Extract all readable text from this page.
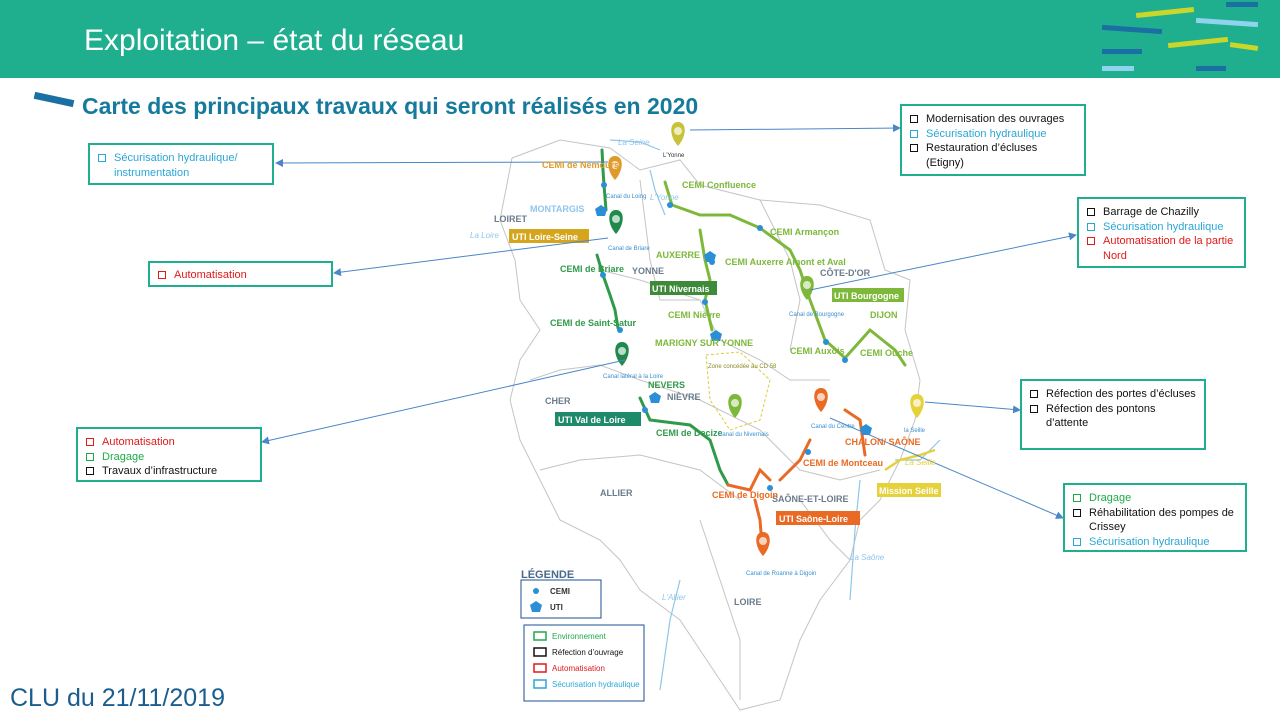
Exploitation – état du réseau
Carte des principaux travaux qui seront réalisés en 2020
LOIRET
YONNE	CÔTE-D'OR
CHER	NIÈVRE
ALLIER
SAÔNE-ET-LOIRE
LOIRE
CEMI Confluence
CEMI Armançon
CEMI Auxerre Amont et Aval
CEMI Nièvre
CEMI Auxois CEMI Ouche
MONTARGIS
AUXERRE
DIJON
MARIGNY SUR YONNE
CEMI de Briare
CEMI de Saint-Satur
CEMI de Decize
NEVERS
CEMI de Nemours
CEMI de Montceau
CEMI de Digoin
CHALON/ SAÔNE
UTI Loire-Seine
UTI Nivernais
UTI Bourgogne
UTI Val de Loire
UTI Saône-Loire
Mission Seille
L'Yonne
Canal du Loing
Canal de Briare
Canal de Bourgogne
Canal latéral à la Loire
Canal du Nivernais
Canal du Centre
la Seille
Canal de Roanne à Digoin
Zone concédée au CD 58
La Seine
L'Yonne
La Loire
L'Allier
La Saône
La Seille
LÉGENDE
CEMI
UTI
Environnement
Réfection d’ouvrage
Automatisation
Sécurisation hydraulique
Modernisation des ouvrages
Sécurisation hydraulique
Restauration d’écluses (Etigny)
Sécurisation hydraulique/ instrumentation
Automatisation
Barrage de Chazilly
Sécurisation hydraulique
Automatisation de la partie Nord
Réfection des portes d’écluses
Réfection des pontons d’attente
Automatisation
Dragage
Travaux d’infrastructure
Dragage
Réhabilitation des pompes de Crissey
Sécurisation hydraulique
CLU du 21/11/2019
